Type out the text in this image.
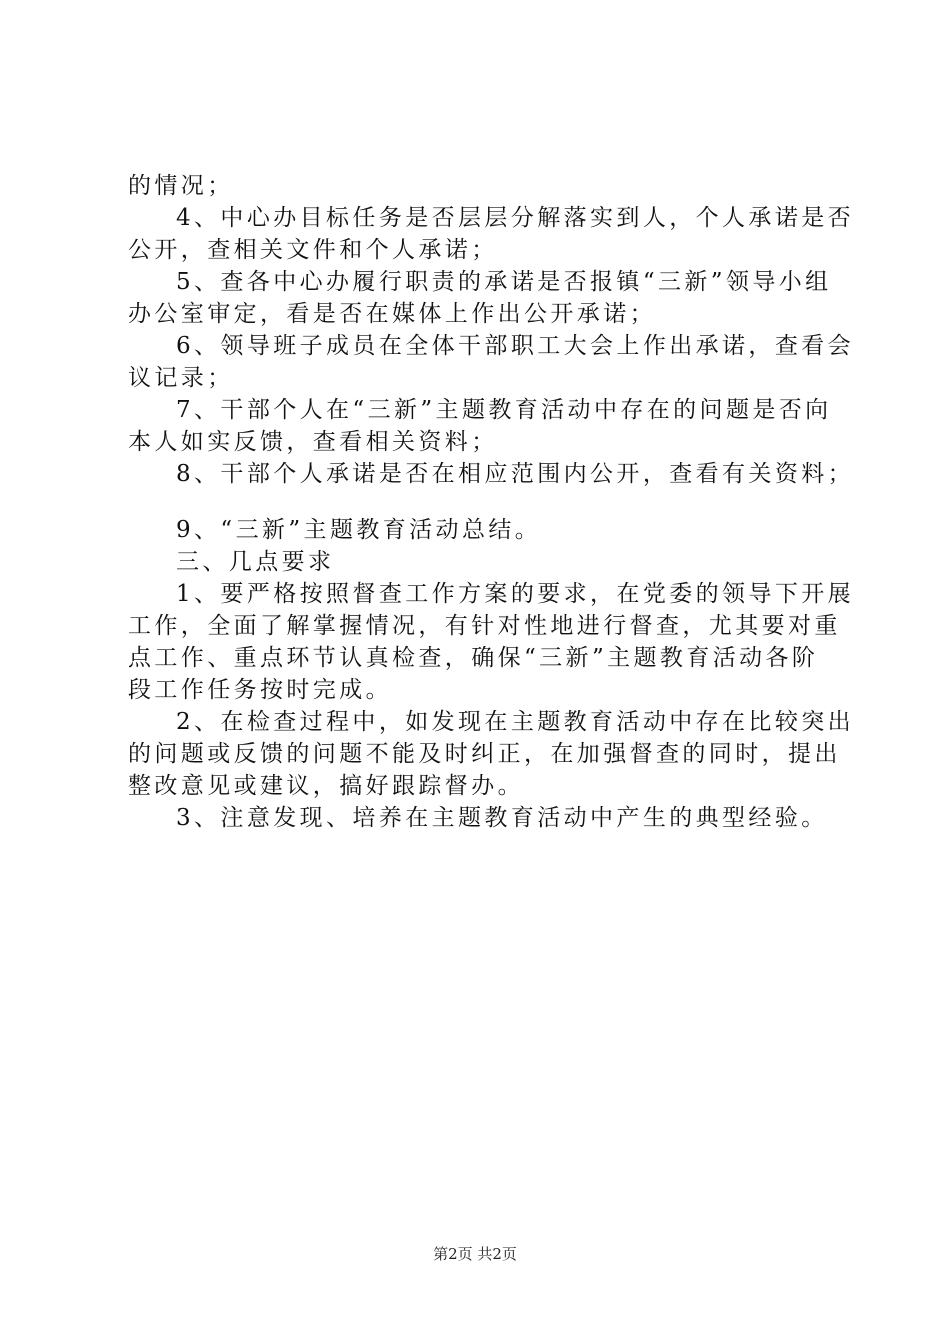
的情况；
4、中心办目标任务是否层层分解落实到人，个人承诺是否
公开，查相关文件和个人承诺；
5、查各中心办履行职责的承诺是否报镇“三新”领导小组
办公室审定，看是否在媒体上作出公开承诺；
6、领导班子成员在全体干部职工大会上作出承诺，查看会
议记录；
7、干部个人在“三新”主题教育活动中存在的问题是否向
本人如实反馈，查看相关资料；
8、干部个人承诺是否在相应范围内公开，查看有关资料；
9、“三新”主题教育活动总结。
三、几点要求
1、要严格按照督查工作方案的要求，在党委的领导下开展
工作，全面了解掌握情况，有针对性地进行督查，尤其要对重
点工作、重点环节认真检查，确保“三新”主题教育活动各阶
段工作任务按时完成。
2、在检查过程中，如发现在主题教育活动中存在比较突出
的问题或反馈的问题不能及时纠正，在加强督查的同时，提出
整改意见或建议，搞好跟踪督办。
3、注意发现、培养在主题教育活动中产生的典型经验。
第2页 共2页
